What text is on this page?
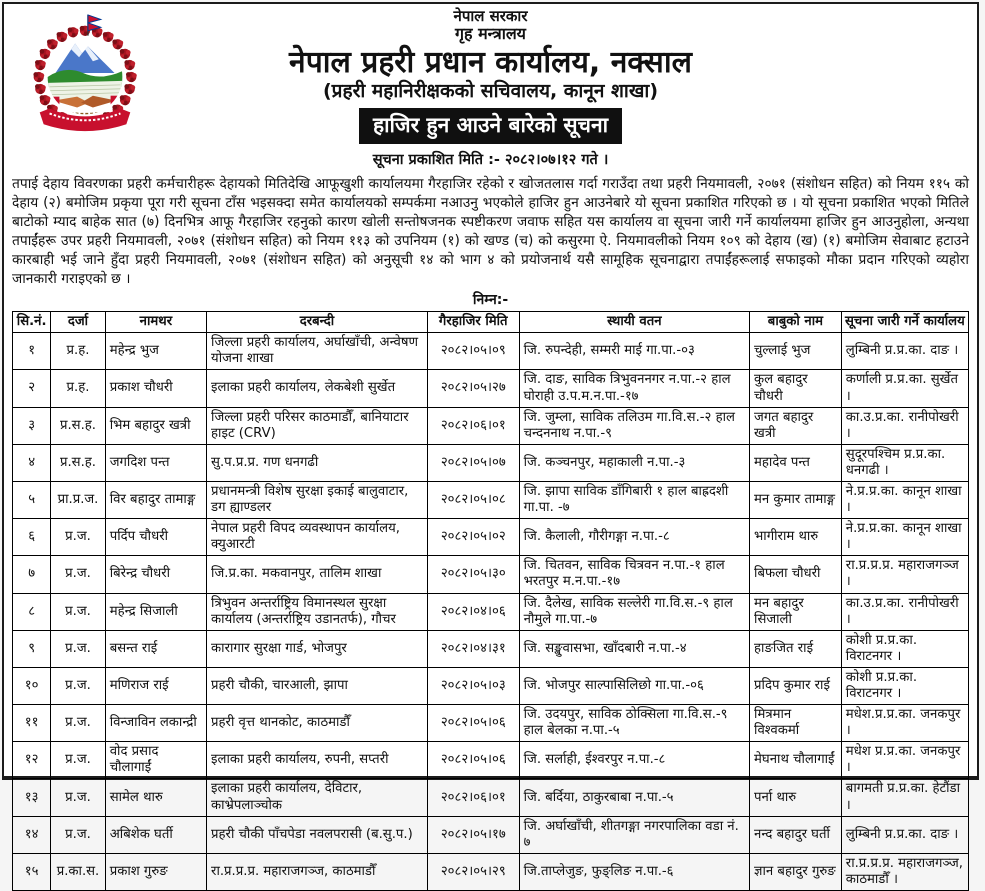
नेपाल सरकार
गृह मन्त्रालय
नेपाल प्रहरी प्रधान कार्यालय, नक्साल
(प्रहरी महानिरीक्षकको सचिवालय, कानून शाखा)
हाजिर हुन आउने बारेको सूचना
सूचना प्रकाशित मिति :- २०८२।०७।१२ गते ।

तपाई देहाय विवरणका प्रहरी कर्मचारीहरू देहायको मितिदेखि आफूखुशी कार्यालयमा गैरहाजिर रहेको र खोजतलास गर्दा गराउँदा तथा प्रहरी नियमावली, २०७१ (संशोधन सहित) को नियम ११५ को देहाय (२) बमोजिम प्रकृया पूरा गरी सूचना टाँस भइसक्दा समेत कार्यालयको सम्पर्कमा नआउनु भएकोले हाजिर हुन आउनेबारे यो सूचना प्रकाशित गरिएको छ । यो सूचना प्रकाशित भएको मितिले बाटोको म्याद बाहेक सात (७) दिनभित्र आफू गैरहाजिर रहनुको कारण खोली सन्तोषजनक स्पष्टीकरण जवाफ सहित यस कार्यालय वा सूचना जारी गर्ने कार्यालयमा हाजिर हुन आउनुहोला, अन्यथा तपाईंहरू उपर प्रहरी नियमावली, २०७१ (संशोधन सहित) को नियम ११३ को उपनियम (१) को खण्ड (च) को कसुरमा ऐ. नियमावलीको नियम १०९ को देहाय (ख) (१) बमोजिम सेवाबाट हटाउने कारबाही भई जाने हुँदा प्रहरी नियमावली, २०७१ (संशोधन सहित) को अनुसूची १४ को भाग ४ को प्रयोजनार्थ यसै सामूहिक सूचनाद्वारा तपाईंहरूलाई सफाइको मौका प्रदान गरिएको व्यहोरा जानकारी गराइएको छ ।

निम्न:-
सि.नं.	दर्जा	नामथर	दरबन्दी	गैरहाजिर मिति	स्थायी वतन	बाबुको नाम	सूचना जारी गर्ने कार्यालय
१	प्र.ह.	महेन्द्र भुज	जिल्ला प्रहरी कार्यालय, अर्घाखाँची, अन्वेषण योजना शाखा	२०८२।०५।०९	जि. रुपन्देही, सम्मरी माई गा.पा.-०३	चुल्लाई भुज	लुम्बिनी प्र.प्र.का. दाङ ।
२	प्र.ह.	प्रकाश चौधरी	इलाका प्रहरी कार्यालय, लेकबेशी सुर्खेत	२०८२।०५।२७	जि. दाङ, साविक त्रिभुवननगर न.पा.-२ हाल घोराही उ.प.म.न.पा.-१७	कुल बहादुर चौधरी	कर्णाली प्र.प्र.का. सुर्खेत ।
३	प्र.स.ह.	भिम बहादुर खत्री	जिल्ला प्रहरी परिसर काठमाडौँ, बानियाटार हाइट (CRV)	२०८२।०६।०१	जि. जुम्ला, साविक तलिउम गा.वि.स.-२ हाल चन्दननाथ न.पा.-९	जगत बहादुर खत्री	का.उ.प्र.का. रानीपोखरी ।
४	प्र.स.ह.	जगदिश पन्त	सु.प.प्र.प्र. गण धनगढी	२०८२।०५।०७	जि. कञ्चनपुर, महाकाली न.पा.-३	महादेव पन्त	सुदूरपश्चिम प्र.प्र.का. धनगढी ।
५	प्रा.प्र.ज.	विर बहादुर तामाङ्ग	प्रधानमन्त्री विशेष सुरक्षा इकाई बालुवाटार, डग ह्याण्डलर	२०८२।०५।०८	जि. झापा साविक डाँगिबारी १ हाल बाह्रदशी गा.पा. -७	मन कुमार तामाङ्ग	ने.प्र.प्र.का. कानून शाखा ।
६	प्र.ज.	पर्दिप चौधरी	नेपाल प्रहरी विपद व्यवस्थापन कार्यालय, क्युआरटी	२०८२।०५।०२	जि. कैलाली, गौरीगङ्गा न.पा.-८	भागीराम थारु	ने.प्र.प्र.का. कानून शाखा ।
७	प्र.ज.	बिरेन्द्र चौधरी	जि.प्र.का. मकवानपुर, तालिम शाखा	२०८२।०५।३०	जि. चितवन, साविक चित्रवन न.पा.-१ हाल भरतपुर म.न.पा.-१७	बिफला चौधरी	रा.प्र.प्र.प्र. महाराजगञ्ज ।
८	प्र.ज.	महेन्द्र सिजाली	त्रिभुवन अन्तर्राष्ट्रिय विमानस्थल सुरक्षा कार्यालय (अन्तर्राष्ट्रिय उडानतर्फ), गौचर	२०८२।०४।०६	जि. दैलेख, साविक सल्लेरी गा.वि.स.-९ हाल नौमुले गा.पा.-७	मन बहादुर सिजाली	का.उ.प्र.का. रानीपोखरी ।
९	प्र.ज.	बसन्त राई	कारागार सुरक्षा गार्ड, भोजपुर	२०८२।०४।३१	जि. सङ्खुवासभा, खाँदबारी न.पा.-४	हाङजित राई	कोशी प्र.प्र.का. विराटनगर ।
१०	प्र.ज.	मणिराज राई	प्रहरी चौकी, चारआली, झापा	२०८२।०५।०३	जि. भोजपुर साल्पासिलिछो गा.पा.-०६	प्रदिप कुमार राई	कोशी प्र.प्र.का. विराटनगर ।
११	प्र.ज.	विन्जाविन लकान्द्री	प्रहरी वृत्त थानकोट, काठमाडौँ	२०८२।०५।०६	जि. उदयपुर, साविक ठोक्सिला गा.वि.स.-९ हाल बेलका न.पा.-५	मित्रमान विश्वकर्मा	मधेश.प्र.प्र.का. जनकपुर ।
१२	प्र.ज.	वोद प्रसाद चौलागाईं	इलाका प्रहरी कार्यालय, रुपनी, सप्तरी	२०८२।०५।०६	जि. सर्लाही, ईश्वरपुर न.पा.-८	मेघनाथ चौलागाईं	मधेश प्र.प्र.का. जनकपुर ।
१३	प्र.ज.	सामेल थारु	इलाका प्रहरी कार्यालय, देविटार, काभ्रेपलाञ्चोक	२०८२।०६।०१	जि. बर्दिया, ठाकुरबाबा न.पा.-५	पर्ना थारु	बागमती प्र.प्र.का. हेटौंडा ।
१४	प्र.ज.	अबिशेक घर्ती	प्रहरी चौकी पाँचपेडा नवलपरासी (ब.सु.प.)	२०८२।०५।१७	जि. अर्घाखाँची, शीतगङ्गा नगरपालिका वडा नं. ७	नन्द बहादुर घर्ती	लुम्बिनी प्र.प्र.का. दाङ ।
१५	प्र.का.स.	प्रकाश गुरुङ	रा.प्र.प्र.प्र. महाराजगञ्ज, काठमाडौँ	२०८२।०५।२९	जि.ताप्लेजुङ, फुङ्लिङ न.पा.-६	ज्ञान बहादुर गुरुङ	रा.प्र.प्र.प्र. महाराजगञ्ज, काठमाडौँ ।
